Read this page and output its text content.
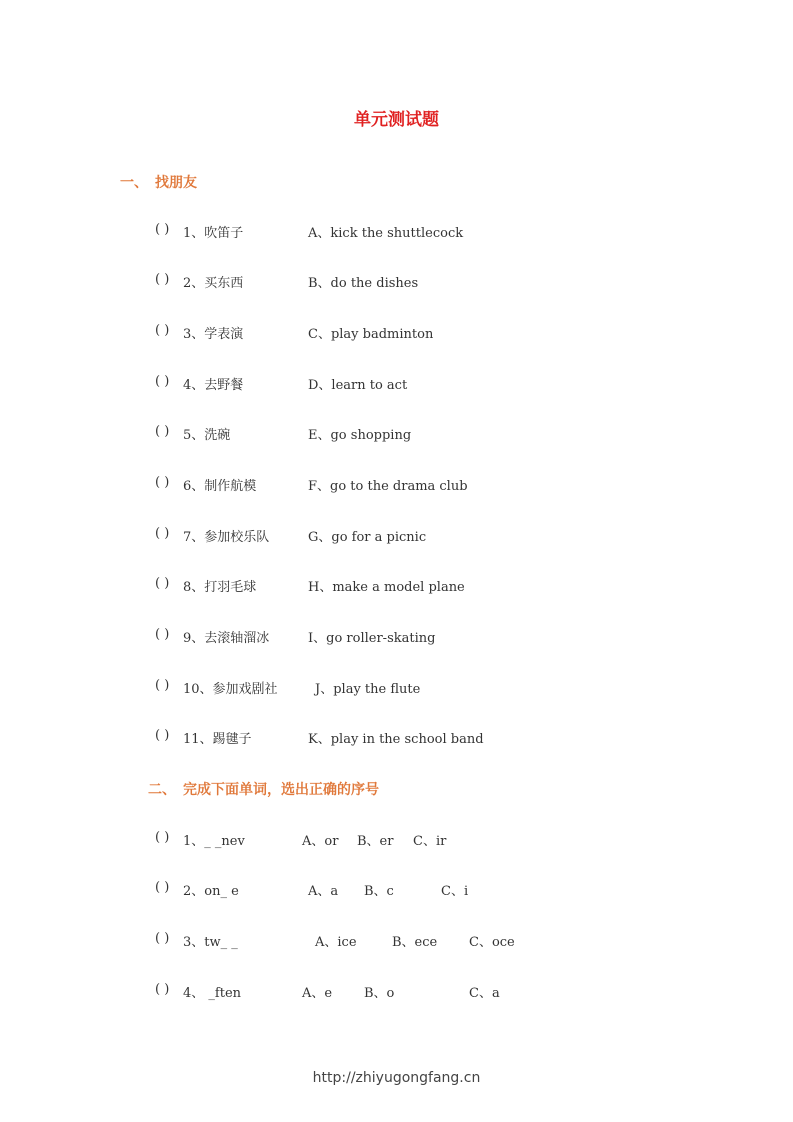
单元测试题
一、 找朋友
( ) 1、吹笛子	A、kick the shuttlecock
( ) 2、买东西	B、do the dishes
( ) 3、学表演	C、play badminton
( ) 4、去野餐	D、learn to act
( ) 5、洗碗	E、go shopping
( ) 6、制作航模	F、go to the drama club
( ) 7、参加校乐队	G、go for a picnic
( ) 8、打羽毛球	H、make a model plane
( ) 9、去滚轴溜冰	I、go roller-skating
( ) 10、参加戏剧社	J、play the flute
( ) 11、踢毽子	K、play in the school band
二、 完成下面单词，选出正确的序号
( ) 1、_ _nev	A、or B、er C、ir
( ) 2、on_ e	A、a B、c	C、i
( ) 3、tw_ _	A、ice	B、ece C、oce
( ) 4、 _ften	A、e B、o	C、a
http://zhiyugongfang.cn
